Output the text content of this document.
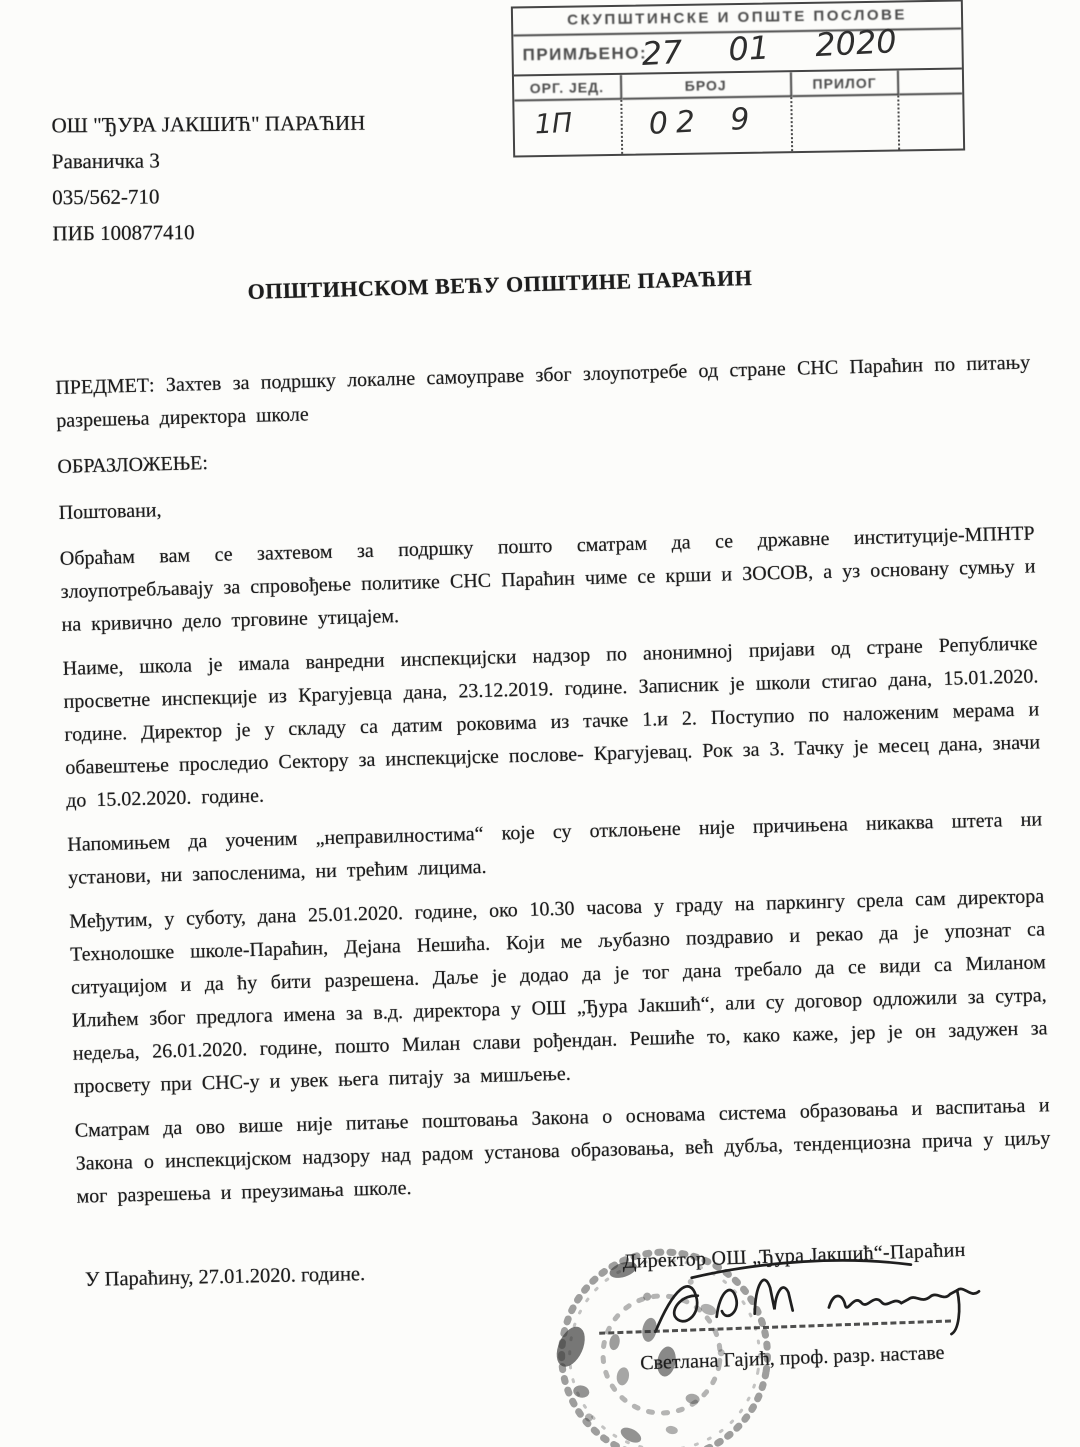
СКУПШТИНСКЕ И ОПШТЕ ПОСЛОВЕ
ПРИМЉЕНО:
27 01 2020
ОРГ. ЈЕД.	БРОЈ	ПРИЛОГ
1П	02 9
ОШ "ЂУРА ЈАКШИЋ" ПАРАЋИН
Раваничка 3
035/562-710
ПИБ 100877410
ОПШТИНСКОМ ВЕЋУ ОПШТИНЕ ПАРАЋИН

ПРЕДМЕТ: Захтев за подршку локалне самоуправе због злоупотребе од стране СНС Параћин по питању разрешења директора школе

ОБРАЗЛОЖЕЊЕ:

Поштовани,

Обраћам вам се захтевом за подршку пошто сматрам да се државне институције-МПНТР злоупотребљавају за спровођење политике СНС Параћин чиме се крши и ЗОСОВ, а уз основану сумњу и на кривично дело трговине утицајем.

Наиме, школа је имала ванредни инспекцијски надзор по анонимној пријави од стране Републичке просветне инспекције из Крагујевца дана, 23.12.2019. године. Записник је школи стигао дана, 15.01.2020. године. Директор је у складу са датим роковима из тачке 1.и 2. Поступио по наложеним мерама и обавештење проследио Сектору за инспекцијске послове- Крагујевац. Рок за 3. Тачку је месец дана, значи до 15.02.2020. године.

Напомињем да уоченим „неправилностима“ које су отклоњене није причињена никаква штета ни установи, ни запосленима, ни трећим лицима.

Међутим, у суботу, дана 25.01.2020. године, око 10.30 часова у граду на паркингу срела сам директора Технолошке школе-Параћин, Дејана Нешића. Који ме љубазно поздравио и рекао да је упознат са ситуацијом и да ћу бити разрешена. Даље је додао да је тог дана требало да се види са Миланом Илићем због предлога имена за в.д. директора у ОШ „Ђура Јакшић“, али су договор одложили за сутра, недеља, 26.01.2020. године, пошто Милан слави рођендан. Решиће то, како каже, јер је он задужен за просвету при СНС-у и увек њега питају за мишљење.

Сматрам да ово више није питање поштовања Закона о основама система образовања и васпитања и Закона о инспекцијском надзору над радом установа образовања, већ дубља, тенденциозна прича у циљу мог разрешења и преузимања школе.

У Параћину, 27.01.2020. године.
Директор ОШ „Ђура Јакшић“-Параћин
Светлана Гајић, проф. разр. наставе
